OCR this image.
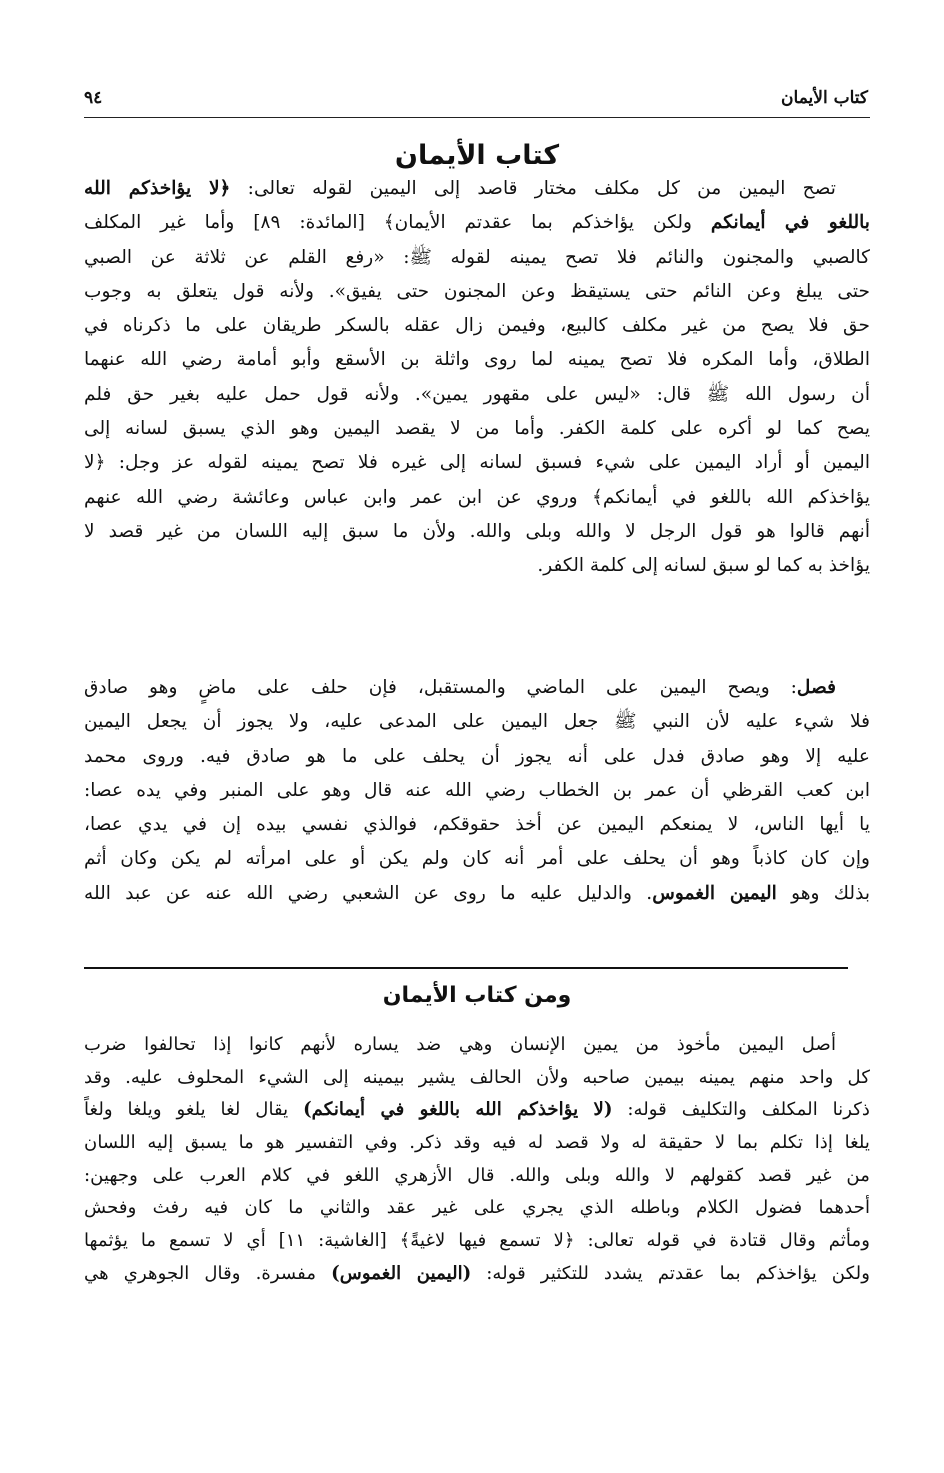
كتاب الأيمان
٩٤
كتاب الأيمان
تصح اليمين من كل مكلف مختار قاصد إلى اليمين لقوله تعالى: ﴿لا يؤاخذكم الله
باللغو في أيمانكم ولكن يؤاخذكم بما عقدتم الأيمان﴾ [المائدة: ٨٩] وأما غير المكلف
كالصبي والمجنون والنائم فلا تصح يمينه لقوله ﷺ: «رفع القلم عن ثلاثة عن الصبي
حتى يبلغ وعن النائم حتى يستيقظ وعن المجنون حتى يفيق». ولأنه قول يتعلق به وجوب
حق فلا يصح من غير مكلف كالبيع، وفيمن زال عقله بالسكر طريقان على ما ذكرناه في
الطلاق، وأما المكره فلا تصح يمينه لما روى واثلة بن الأسقع وأبو أمامة رضي الله عنهما
أن رسول الله ﷺ قال: «ليس على مقهور يمين». ولأنه قول حمل عليه بغير حق فلم
يصح كما لو أكره على كلمة الكفر. وأما من لا يقصد اليمين وهو الذي يسبق لسانه إلى
اليمين أو أراد اليمين على شيء فسبق لسانه إلى غيره فلا تصح يمينه لقوله عز وجل: ﴿لا
يؤاخذكم الله باللغو في أيمانكم﴾ وروي عن ابن عمر وابن عباس وعائشة رضي الله عنهم
أنهم قالوا هو قول الرجل لا والله وبلى والله. ولأن ما سبق إليه اللسان من غير قصد لا
يؤاخذ به كما لو سبق لسانه إلى كلمة الكفر.
فصل: ويصح اليمين على الماضي والمستقبل، فإن حلف على ماضٍ وهو صادق
فلا شيء عليه لأن النبي ﷺ جعل اليمين على المدعى عليه، ولا يجوز أن يجعل اليمين
عليه إلا وهو صادق فدل على أنه يجوز أن يحلف على ما هو صادق فيه. وروى محمد
ابن كعب القرظي أن عمر بن الخطاب رضي الله عنه قال وهو على المنبر وفي يده عصا:
يا أيها الناس، لا يمنعكم اليمين عن أخذ حقوقكم، فوالذي نفسي بيده إن في يدي عصا،
وإن كان كاذباً وهو أن يحلف على أمر أنه كان ولم يكن أو على امرأته لم يكن وكان أثم
بذلك وهو اليمين الغموس. والدليل عليه ما روى عن الشعبي رضي الله عنه عن عبد الله
ومن كتاب الأيمان
أصل اليمين مأخوذ من يمين الإنسان وهي ضد يساره لأنهم كانوا إذا تحالفوا ضرب
كل واحد منهم يمينه بيمين صاحبه ولأن الحالف يشير بيمينه إلى الشيء المحلوف عليه. وقد
ذكرنا المكلف والتكليف قوله: (لا يؤاخذكم الله باللغو في أيمانكم) يقال لغا يلغو ويلغا ولغاً
يلغا إذا تكلم بما لا حقيقة له ولا قصد له فيه وقد ذكر. وفي التفسير هو ما يسبق إليه اللسان
من غير قصد كقولهم لا والله وبلى والله. قال الأزهري اللغو في كلام العرب على وجهين:
أحدهما فضول الكلام وباطله الذي يجري على غير عقد والثاني ما كان فيه رفث وفحش
ومأثم وقال قتادة في قوله تعالى: ﴿لا تسمع فيها لاغيةً﴾ [الغاشية: ١١] أي لا تسمع ما يؤثمها
ولكن يؤاخذكم بما عقدتم يشدد للتكثير قوله: (اليمين الغموس) مفسرة. وقال الجوهري هي
